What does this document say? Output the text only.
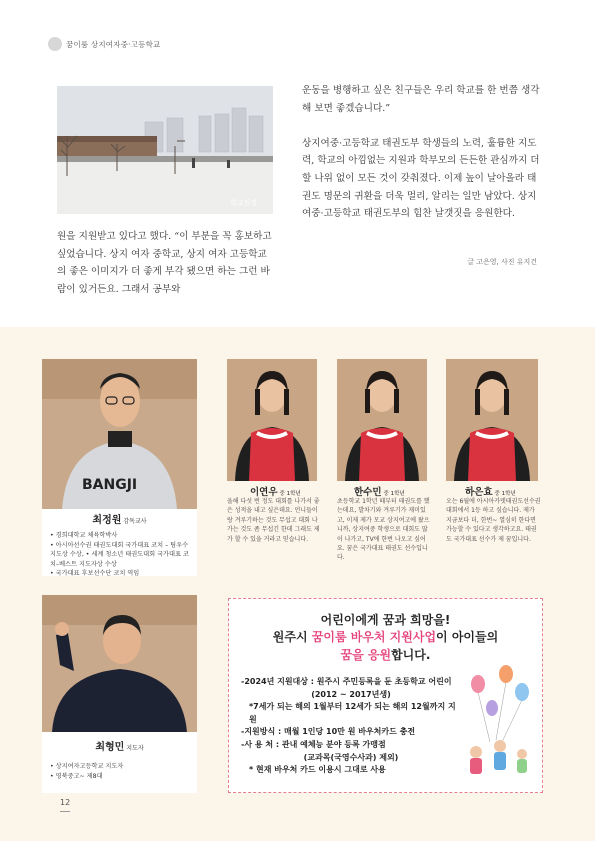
꿈이룸 상지여자중·고등학교
학교전경

원을 지원받고 있다고 했다. “이 부분을 꼭 홍보하고 싶었습니다. 상지 여자 중학교, 상지 여자 고등학교의 좋은 이미지가 더 좋게 부각 됐으면 하는 그런 바람이 있거든요. 그래서 공부와

운동을 병행하고 싶은 친구들은 우리 학교를 한 번쯤 생각해 보면 좋겠습니다.”

상지여중·고등학교 태권도부 학생들의 노력, 훌륭한 지도력, 학교의 아낌없는 지원과 학부모의 든든한 관심까지 더할 나위 없이 모든 것이 갖춰졌다. 이제 높이 날아올라 태권도 명문의 귀환을 더욱 멀리, 알리는 일만 남았다. 상지여중·고등학교 태권도부의 힘찬 날갯짓을 응원한다.

글 고은영, 사진 유지건
BANGJI
최정원 감독교사
• 경희대학교 체육학박사
• 아시아선수권 태권도대회 국가대표 코치 – 팀우수 지도상 수상, • 세계 청소년 태권도대회 국가대표 코치–베스트 지도자상 수상
• 국가대표 후보선수단 코치 역임
이연우 중 1학년
올해 다섯 번 정도 대회를 나가서 좋은 성적을 내고 싶은데요. 언니들이랑 겨루기하는 것도 무섭고 대회 나가는 것도 좀 무섭긴 한데 그래도 제가 할 수 있을 거라고 믿습니다.
한수민 중 1학년
초등학교 1학년 때부터 태권도를 했는데요, 발차기와 겨루기가 재미있고, 이제 제가 모교 상지여고에 왔으니까, 상지여중 학생으로 대회도 많이 나가고, TV에 한번 나오고 싶어요. 꿈은 국가대표 태권도 선수입니다.
하은효 중 1학년
오는 6월에 아시아카뎃태권도선수권 대회에서 1등 하고 싶습니다. 제가 지금보다 더, 한번~ 열심히 한다면 가능할 수 있다고 생각하고요. 태권도 국가대표 선수가 제 꿈입니다.
최형민 지도자
• 상지여자고등학교 지도자
• 영북중고~ 제8대
어린이에게 꿈과 희망을!
원주시 꿈이룸 바우처 지원사업이 아이들의
꿈을 응원합니다.
-2024년 지원대상 : 원주시 주민등록을 둔 초등학교 어린이
(2012 ~ 2017년생)
*7세가 되는 해의 1월부터 12세가 되는 해의 12월까지 지원
-지원방식 : 매월 1인당 10만 원 바우처카드 충전
-사 용 처 : 관내 예체능 분야 등록 가맹점
(교과목(국영수사과) 제외)
* 현재 바우처 카드 이용시 그대로 사용
12
